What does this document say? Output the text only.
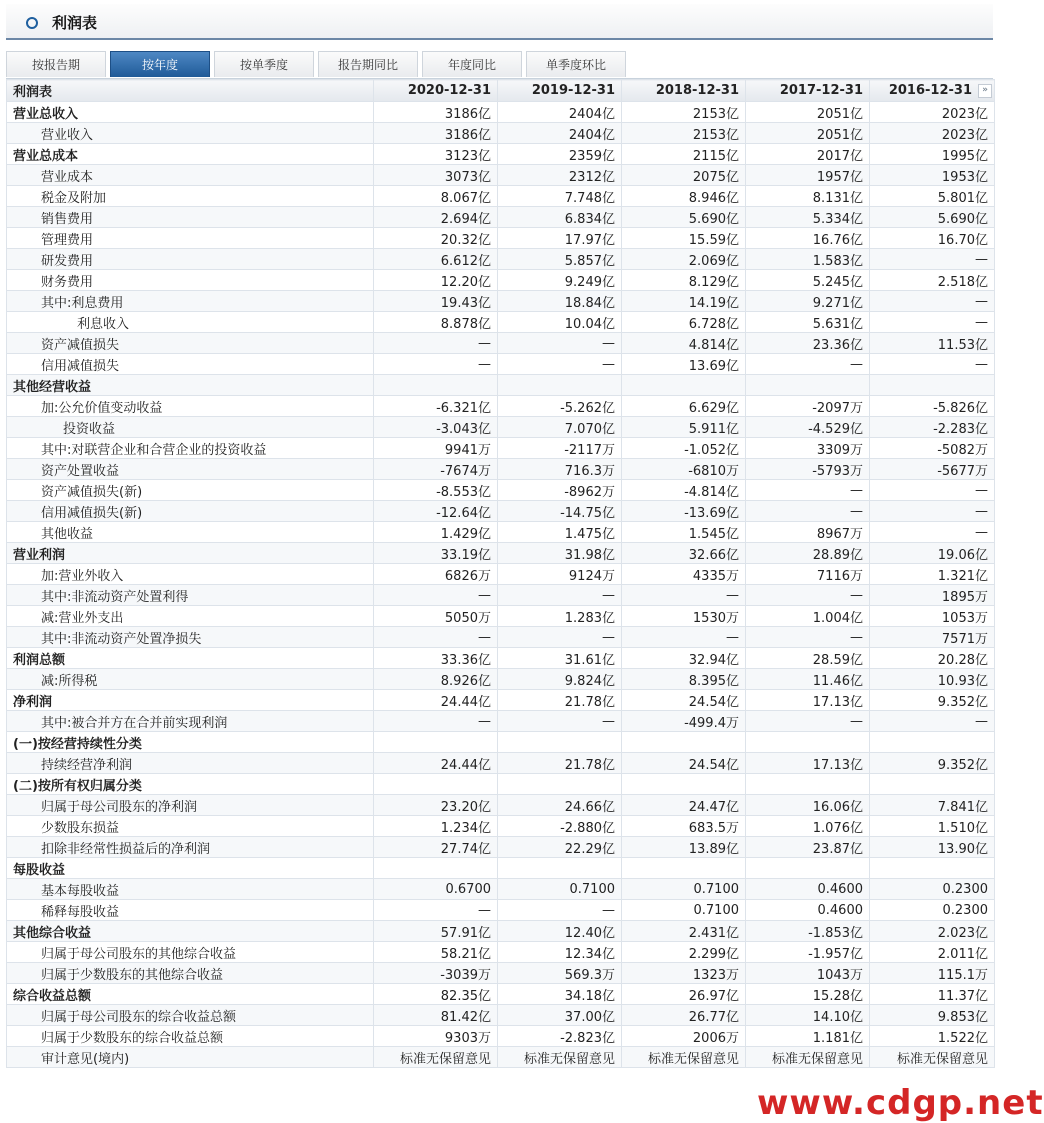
利润表
按报告期	按年度	按单季度	报告期同比	年度同比	单季度环比
利润表	2020-12-31	2019-12-31	2018-12-31	2017-12-31	2016-12-31 »
营业总收入	3186亿	2404亿	2153亿	2051亿	2023亿
营业收入	3186亿	2404亿	2153亿	2051亿	2023亿
营业总成本	3123亿	2359亿	2115亿	2017亿	1995亿
营业成本	3073亿	2312亿	2075亿	1957亿	1953亿
税金及附加	8.067亿	7.748亿	8.946亿	8.131亿	5.801亿
销售费用	2.694亿	6.834亿	5.690亿	5.334亿	5.690亿
管理费用	20.32亿	17.97亿	15.59亿	16.76亿	16.70亿
研发费用	6.612亿	5.857亿	2.069亿	1.583亿	—
财务费用	12.20亿	9.249亿	8.129亿	5.245亿	2.518亿
其中:利息费用	19.43亿	18.84亿	14.19亿	9.271亿	—
利息收入	8.878亿	10.04亿	6.728亿	5.631亿	—
资产减值损失	—	—	4.814亿	23.36亿	11.53亿
信用减值损失	—	—	13.69亿	—	—
其他经营收益					
加:公允价值变动收益	-6.321亿	-5.262亿	6.629亿	-2097万	-5.826亿
投资收益	-3.043亿	7.070亿	5.911亿	-4.529亿	-2.283亿
其中:对联营企业和合营企业的投资收益	9941万	-2117万	-1.052亿	3309万	-5082万
资产处置收益	-7674万	716.3万	-6810万	-5793万	-5677万
资产减值损失(新)	-8.553亿	-8962万	-4.814亿	—	—
信用减值损失(新)	-12.64亿	-14.75亿	-13.69亿	—	—
其他收益	1.429亿	1.475亿	1.545亿	8967万	—
营业利润	33.19亿	31.98亿	32.66亿	28.89亿	19.06亿
加:营业外收入	6826万	9124万	4335万	7116万	1.321亿
其中:非流动资产处置利得	—	—	—	—	1895万
减:营业外支出	5050万	1.283亿	1530万	1.004亿	1053万
其中:非流动资产处置净损失	—	—	—	—	7571万
利润总额	33.36亿	31.61亿	32.94亿	28.59亿	20.28亿
减:所得税	8.926亿	9.824亿	8.395亿	11.46亿	10.93亿
净利润	24.44亿	21.78亿	24.54亿	17.13亿	9.352亿
其中:被合并方在合并前实现利润	—	—	-499.4万	—	—
(一)按经营持续性分类					
持续经营净利润	24.44亿	21.78亿	24.54亿	17.13亿	9.352亿
(二)按所有权归属分类					
归属于母公司股东的净利润	23.20亿	24.66亿	24.47亿	16.06亿	7.841亿
少数股东损益	1.234亿	-2.880亿	683.5万	1.076亿	1.510亿
扣除非经常性损益后的净利润	27.74亿	22.29亿	13.89亿	23.87亿	13.90亿
每股收益					
基本每股收益	0.6700	0.7100	0.7100	0.4600	0.2300
稀释每股收益	—	—	0.7100	0.4600	0.2300
其他综合收益	57.91亿	12.40亿	2.431亿	-1.853亿	2.023亿
归属于母公司股东的其他综合收益	58.21亿	12.34亿	2.299亿	-1.957亿	2.011亿
归属于少数股东的其他综合收益	-3039万	569.3万	1323万	1043万	115.1万
综合收益总额	82.35亿	34.18亿	26.97亿	15.28亿	11.37亿
归属于母公司股东的综合收益总额	81.42亿	37.00亿	26.77亿	14.10亿	9.853亿
归属于少数股东的综合收益总额	9303万	-2.823亿	2006万	1.181亿	1.522亿
审计意见(境内)	标准无保留意见	标准无保留意见	标准无保留意见	标准无保留意见	标准无保留意见
www.cdgp.net
